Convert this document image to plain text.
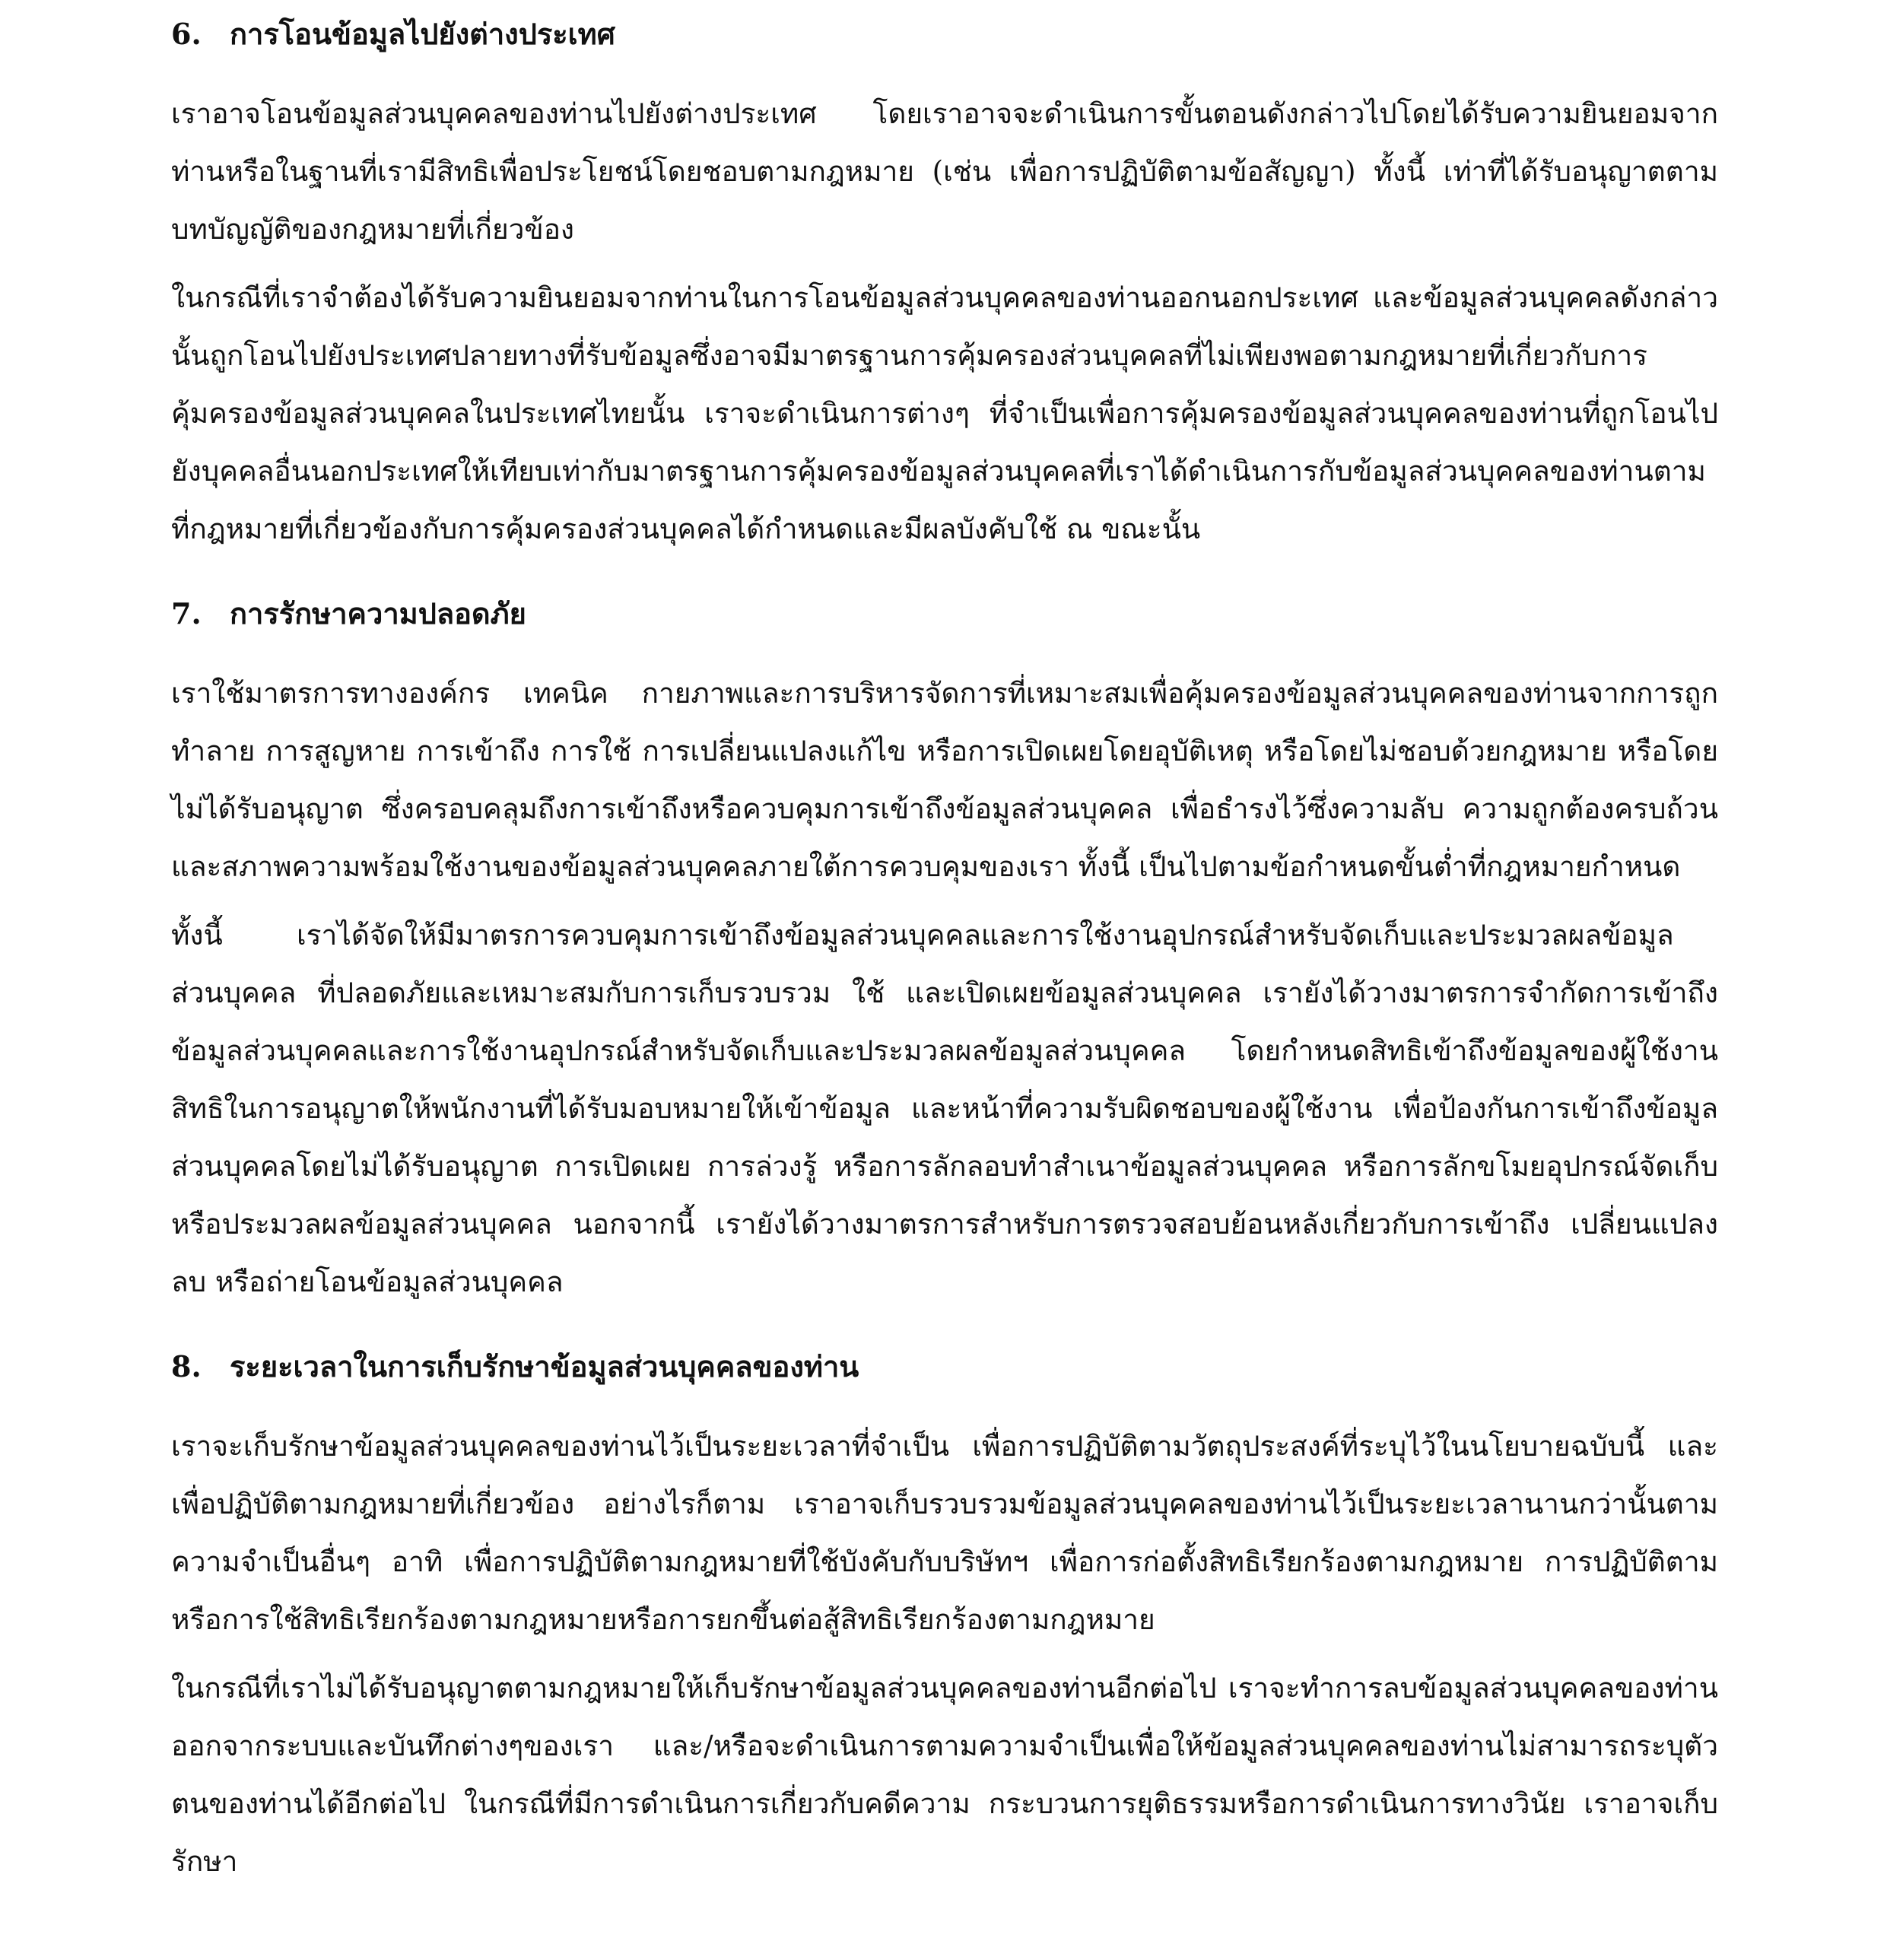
6. การโอนข้อมูลไปยังต่างประเทศ

เราอาจโอนข้อมูลส่วนบุคคลของท่านไปยังต่างประเทศ โดยเราอาจจะดำเนินการขั้นตอนดังกล่าวไปโดยได้รับความยินยอมจากท่านหรือในฐานที่เรามีสิทธิเพื่อประโยชน์โดยชอบตามกฎหมาย (เช่น เพื่อการปฏิบัติตามข้อสัญญา) ทั้งนี้ เท่าที่ได้รับอนุญาตตามบทบัญญัติของกฎหมายที่เกี่ยวข้อง

ในกรณีที่เราจำต้องได้รับความยินยอมจากท่านในการโอนข้อมูลส่วนบุคคลของท่านออกนอกประเทศ และข้อมูลส่วนบุคคลดังกล่าวนั้นถูกโอนไปยังประเทศปลายทางที่รับข้อมูลซึ่งอาจมีมาตรฐานการคุ้มครองส่วนบุคคลที่ไม่เพียงพอตามกฎหมายที่เกี่ยวกับการคุ้มครองข้อมูลส่วนบุคคลในประเทศไทยนั้น เราจะดำเนินการต่างๆ ที่จำเป็นเพื่อการคุ้มครองข้อมูลส่วนบุคคลของท่านที่ถูกโอนไปยังบุคคลอื่นนอกประเทศให้เทียบเท่ากับมาตรฐานการคุ้มครองข้อมูลส่วนบุคคลที่เราได้ดำเนินการกับข้อมูลส่วนบุคคลของท่านตามที่กฎหมายที่เกี่ยวข้องกับการคุ้มครองส่วนบุคคลได้กำหนดและมีผลบังคับใช้ ณ ขณะนั้น

7. การรักษาความปลอดภัย

เราใช้มาตรการทางองค์กร เทคนิค กายภาพและการบริหารจัดการที่เหมาะสมเพื่อคุ้มครองข้อมูลส่วนบุคคลของท่านจากการถูกทำลาย การสูญหาย การเข้าถึง การใช้ การเปลี่ยนแปลงแก้ไข หรือการเปิดเผยโดยอุบัติเหตุ หรือโดยไม่ชอบด้วยกฎหมาย หรือโดยไม่ได้รับอนุญาต ซึ่งครอบคลุมถึงการเข้าถึงหรือควบคุมการเข้าถึงข้อมูลส่วนบุคคล เพื่อธำรงไว้ซึ่งความลับ ความถูกต้องครบถ้วน และสภาพความพร้อมใช้งานของข้อมูลส่วนบุคคลภายใต้การควบคุมของเรา ทั้งนี้ เป็นไปตามข้อกำหนดขั้นต่ำที่กฎหมายกำหนด

ทั้งนี้	เราได้จัดให้มีมาตรการควบคุมการเข้าถึงข้อมูลส่วนบุคคลและการใช้งานอุปกรณ์สำหรับจัดเก็บและประมวลผลข้อมูลส่วนบุคคล ที่ปลอดภัยและเหมาะสมกับการเก็บรวบรวม ใช้ และเปิดเผยข้อมูลส่วนบุคคล เรายังได้วางมาตรการจำกัดการเข้าถึงข้อมูลส่วนบุคคลและการใช้งานอุปกรณ์สำหรับจัดเก็บและประมวลผลข้อมูลส่วนบุคคล โดยกำหนดสิทธิเข้าถึงข้อมูลของผู้ใช้งาน สิทธิในการอนุญาตให้พนักงานที่ได้รับมอบหมายให้เข้าข้อมูล และหน้าที่ความรับผิดชอบของผู้ใช้งาน เพื่อป้องกันการเข้าถึงข้อมูลส่วนบุคคลโดยไม่ได้รับอนุญาต การเปิดเผย การล่วงรู้ หรือการลักลอบทำสำเนาข้อมูลส่วนบุคคล หรือการลักขโมยอุปกรณ์จัดเก็บหรือประมวลผลข้อมูลส่วนบุคคล นอกจากนี้ เรายังได้วางมาตรการสำหรับการตรวจสอบย้อนหลังเกี่ยวกับการเข้าถึง เปลี่ยนแปลง ลบ หรือถ่ายโอนข้อมูลส่วนบุคคล

8. ระยะเวลาในการเก็บรักษาข้อมูลส่วนบุคคลของท่าน

เราจะเก็บรักษาข้อมูลส่วนบุคคลของท่านไว้เป็นระยะเวลาที่จำเป็น เพื่อการปฏิบัติตามวัตถุประสงค์ที่ระบุไว้ในนโยบายฉบับนี้ และเพื่อปฏิบัติตามกฎหมายที่เกี่ยวข้อง อย่างไรก็ตาม เราอาจเก็บรวบรวมข้อมูลส่วนบุคคลของท่านไว้เป็นระยะเวลานานกว่านั้นตามความจำเป็นอื่นๆ อาทิ เพื่อการปฏิบัติตามกฎหมายที่ใช้บังคับกับบริษัทฯ เพื่อการก่อตั้งสิทธิเรียกร้องตามกฎหมาย การปฏิบัติตามหรือการใช้สิทธิเรียกร้องตามกฎหมายหรือการยกขึ้นต่อสู้สิทธิเรียกร้องตามกฎหมาย

ในกรณีที่เราไม่ได้รับอนุญาตตามกฎหมายให้เก็บรักษาข้อมูลส่วนบุคคลของท่านอีกต่อไป เราจะทำการลบข้อมูลส่วนบุคคลของท่านออกจากระบบและบันทึกต่างๆของเรา และ/หรือจะดำเนินการตามความจำเป็นเพื่อให้ข้อมูลส่วนบุคคลของท่านไม่สามารถระบุตัวตนของท่านได้อีกต่อไป ในกรณีที่มีการดำเนินการเกี่ยวกับคดีความ กระบวนการยุติธรรมหรือการดำเนินการทางวินัย เราอาจเก็บรักษา
